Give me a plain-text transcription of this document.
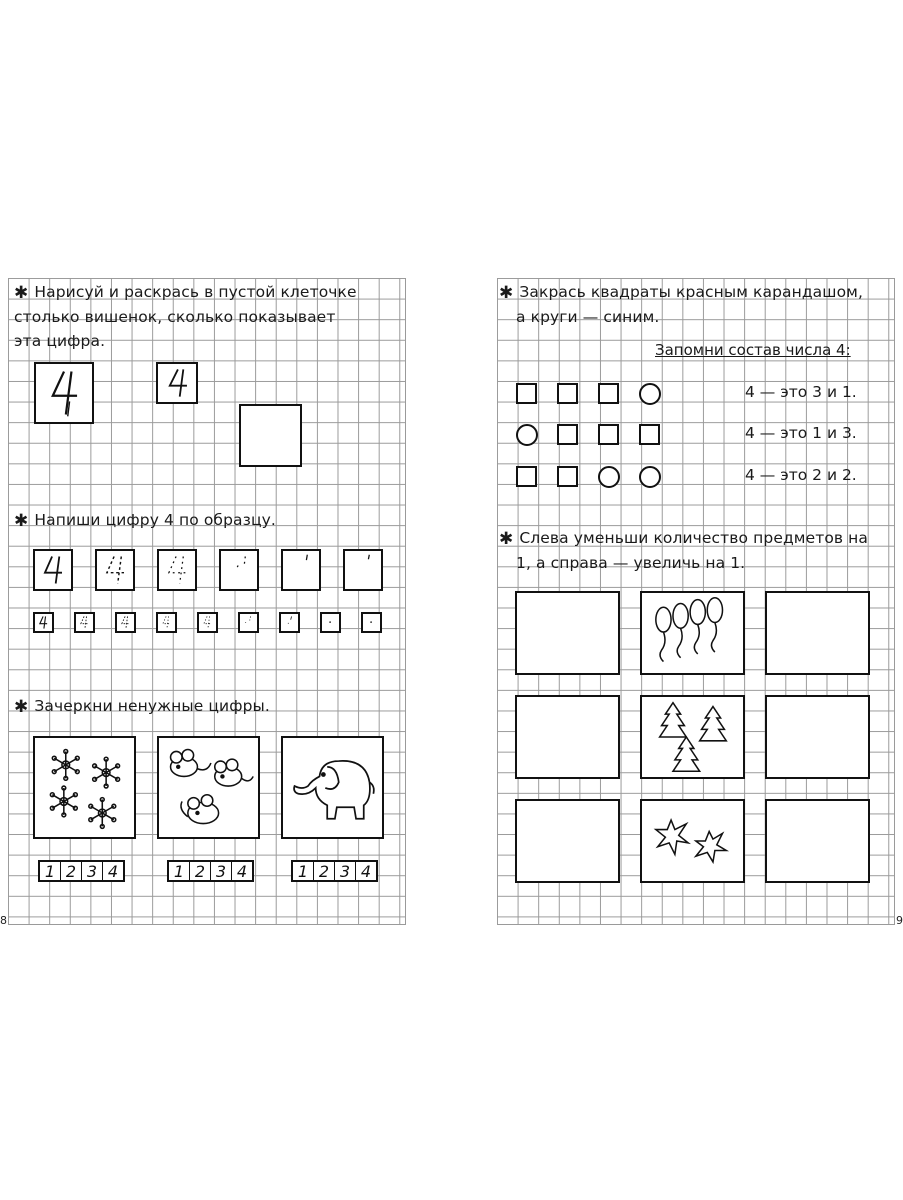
✱ Нарисуй и раскрась в пустой клеточке
столько вишенок, сколько показывает
эта цифра.
✱ Напиши цифру 4 по образцу.
✱ Зачеркни ненужные цифры.
1 2 3 4	1 2 3 4	1 2 3 4
8
✱ Закрась квадраты красным карандашом,
а круги — синим.
Запомни состав числа 4:
4 — это 3 и 1.
4 — это 1 и 3.
4 — это 2 и 2.
✱ Слева уменьши количество предметов на
1, а справа — увеличь на 1.
9
